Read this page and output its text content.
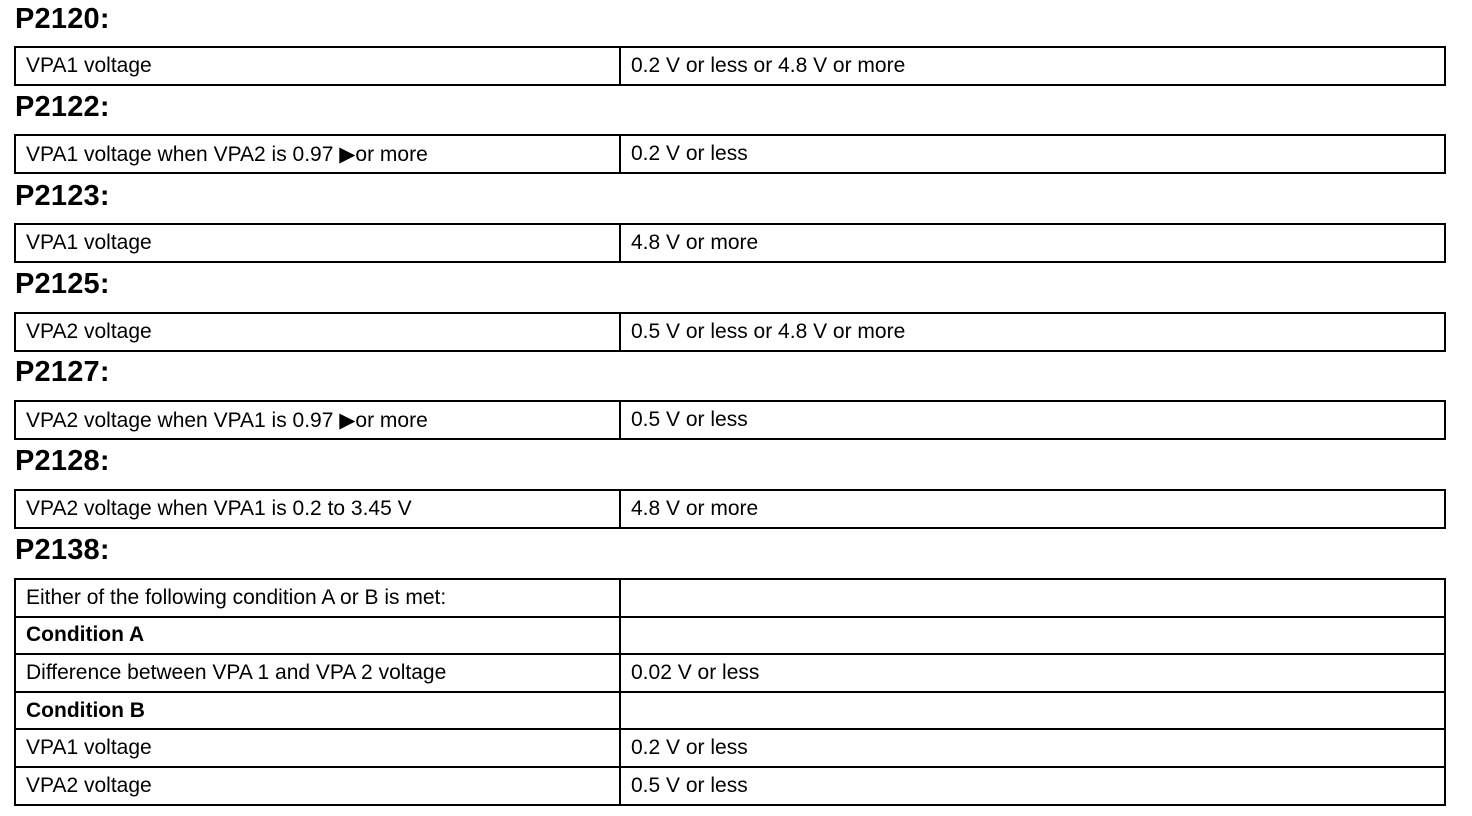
P2120:
VPA1 voltage	0.2 V or less or 4.8 V or more
P2122:
VPA1 voltage when VPA2 is 0.97 ▶or more	0.2 V or less
P2123:
VPA1 voltage	4.8 V or more
P2125:
VPA2 voltage	0.5 V or less or 4.8 V or more
P2127:
VPA2 voltage when VPA1 is 0.97 ▶or more	0.5 V or less
P2128:
VPA2 voltage when VPA1 is 0.2 to 3.45 V	4.8 V or more
P2138:
Either of the following condition A or B is met:	
Condition A	
Difference between VPA 1 and VPA 2 voltage	0.02 V or less
Condition B	
VPA1 voltage	0.2 V or less
VPA2 voltage	0.5 V or less
